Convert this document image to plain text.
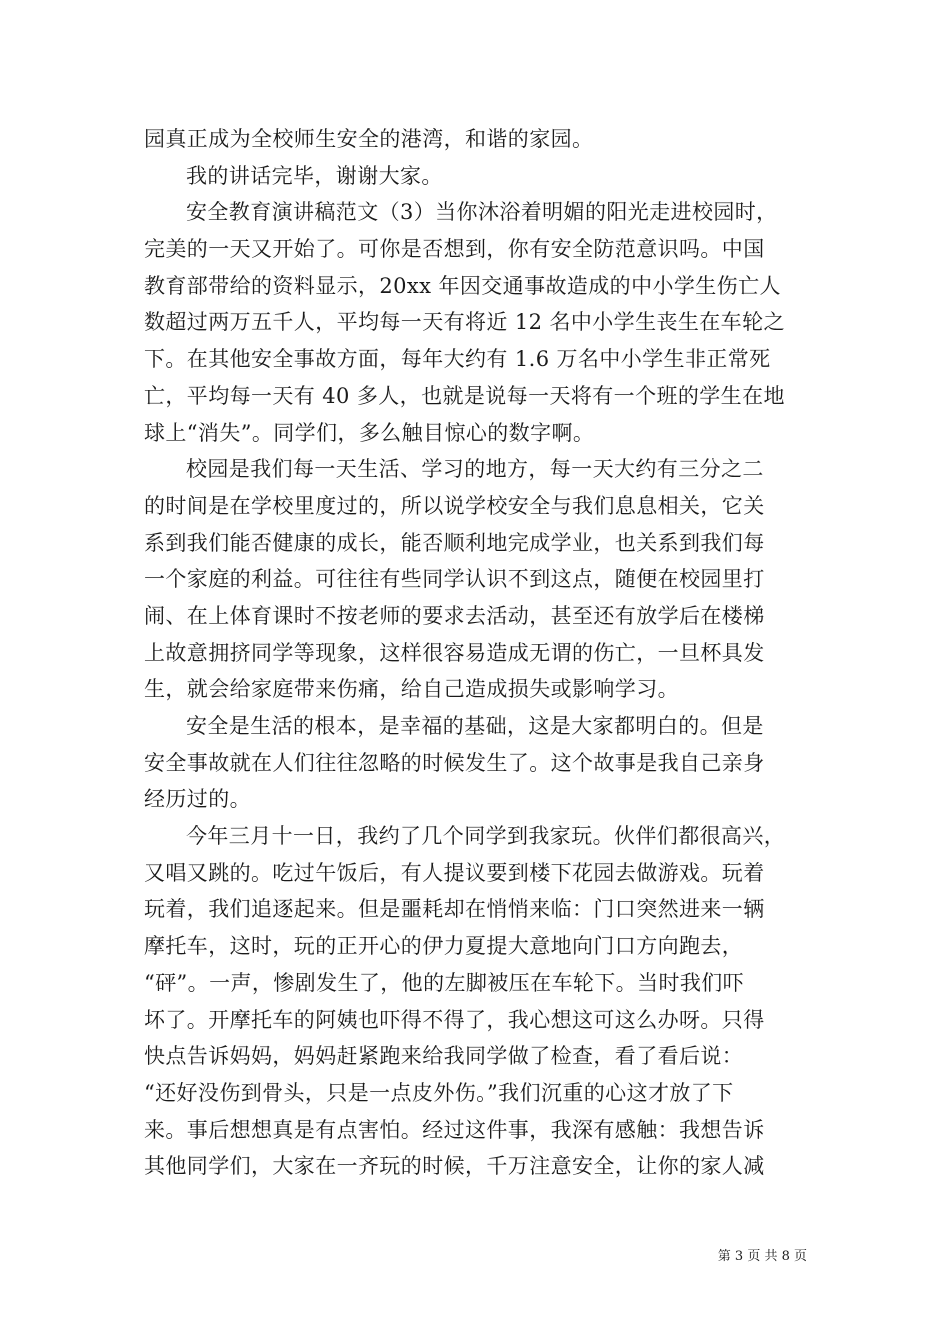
园真正成为全校师生安全的港湾，和谐的家园。
我的讲话完毕，谢谢大家。
安全教育演讲稿范文（3）当你沐浴着明媚的阳光走进校园时，
完美的一天又开始了。可你是否想到，你有安全防范意识吗。中国
教育部带给的资料显示，20xx 年因交通事故造成的中小学生伤亡人
数超过两万五千人，平均每一天有将近 12 名中小学生丧生在车轮之
下。在其他安全事故方面，每年大约有 1.6 万名中小学生非正常死
亡，平均每一天有 40 多人，也就是说每一天将有一个班的学生在地
球上“消失”。同学们，多么触目惊心的数字啊。
校园是我们每一天生活、学习的地方，每一天大约有三分之二
的时间是在学校里度过的，所以说学校安全与我们息息相关，它关
系到我们能否健康的成长，能否顺利地完成学业，也关系到我们每
一个家庭的利益。可往往有些同学认识不到这点，随便在校园里打
闹、在上体育课时不按老师的要求去活动，甚至还有放学后在楼梯
上故意拥挤同学等现象，这样很容易造成无谓的伤亡，一旦杯具发
生，就会给家庭带来伤痛，给自己造成损失或影响学习。
安全是生活的根本，是幸福的基础，这是大家都明白的。但是
安全事故就在人们往往忽略的时候发生了。这个故事是我自己亲身
经历过的。
今年三月十一日，我约了几个同学到我家玩。伙伴们都很高兴，
又唱又跳的。吃过午饭后，有人提议要到楼下花园去做游戏。玩着
玩着，我们追逐起来。但是噩耗却在悄悄来临：门口突然进来一辆
摩托车，这时，玩的正开心的伊力夏提大意地向门口方向跑去，
“砰”。一声，惨剧发生了，他的左脚被压在车轮下。当时我们吓
坏了。开摩托车的阿姨也吓得不得了，我心想这可这么办呀。只得
快点告诉妈妈，妈妈赶紧跑来给我同学做了检查，看了看后说：
“还好没伤到骨头，只是一点皮外伤。”我们沉重的心这才放了下
来。事后想想真是有点害怕。经过这件事，我深有感触：我想告诉
其他同学们，大家在一齐玩的时候，千万注意安全，让你的家人减
第 3 页 共 8 页
